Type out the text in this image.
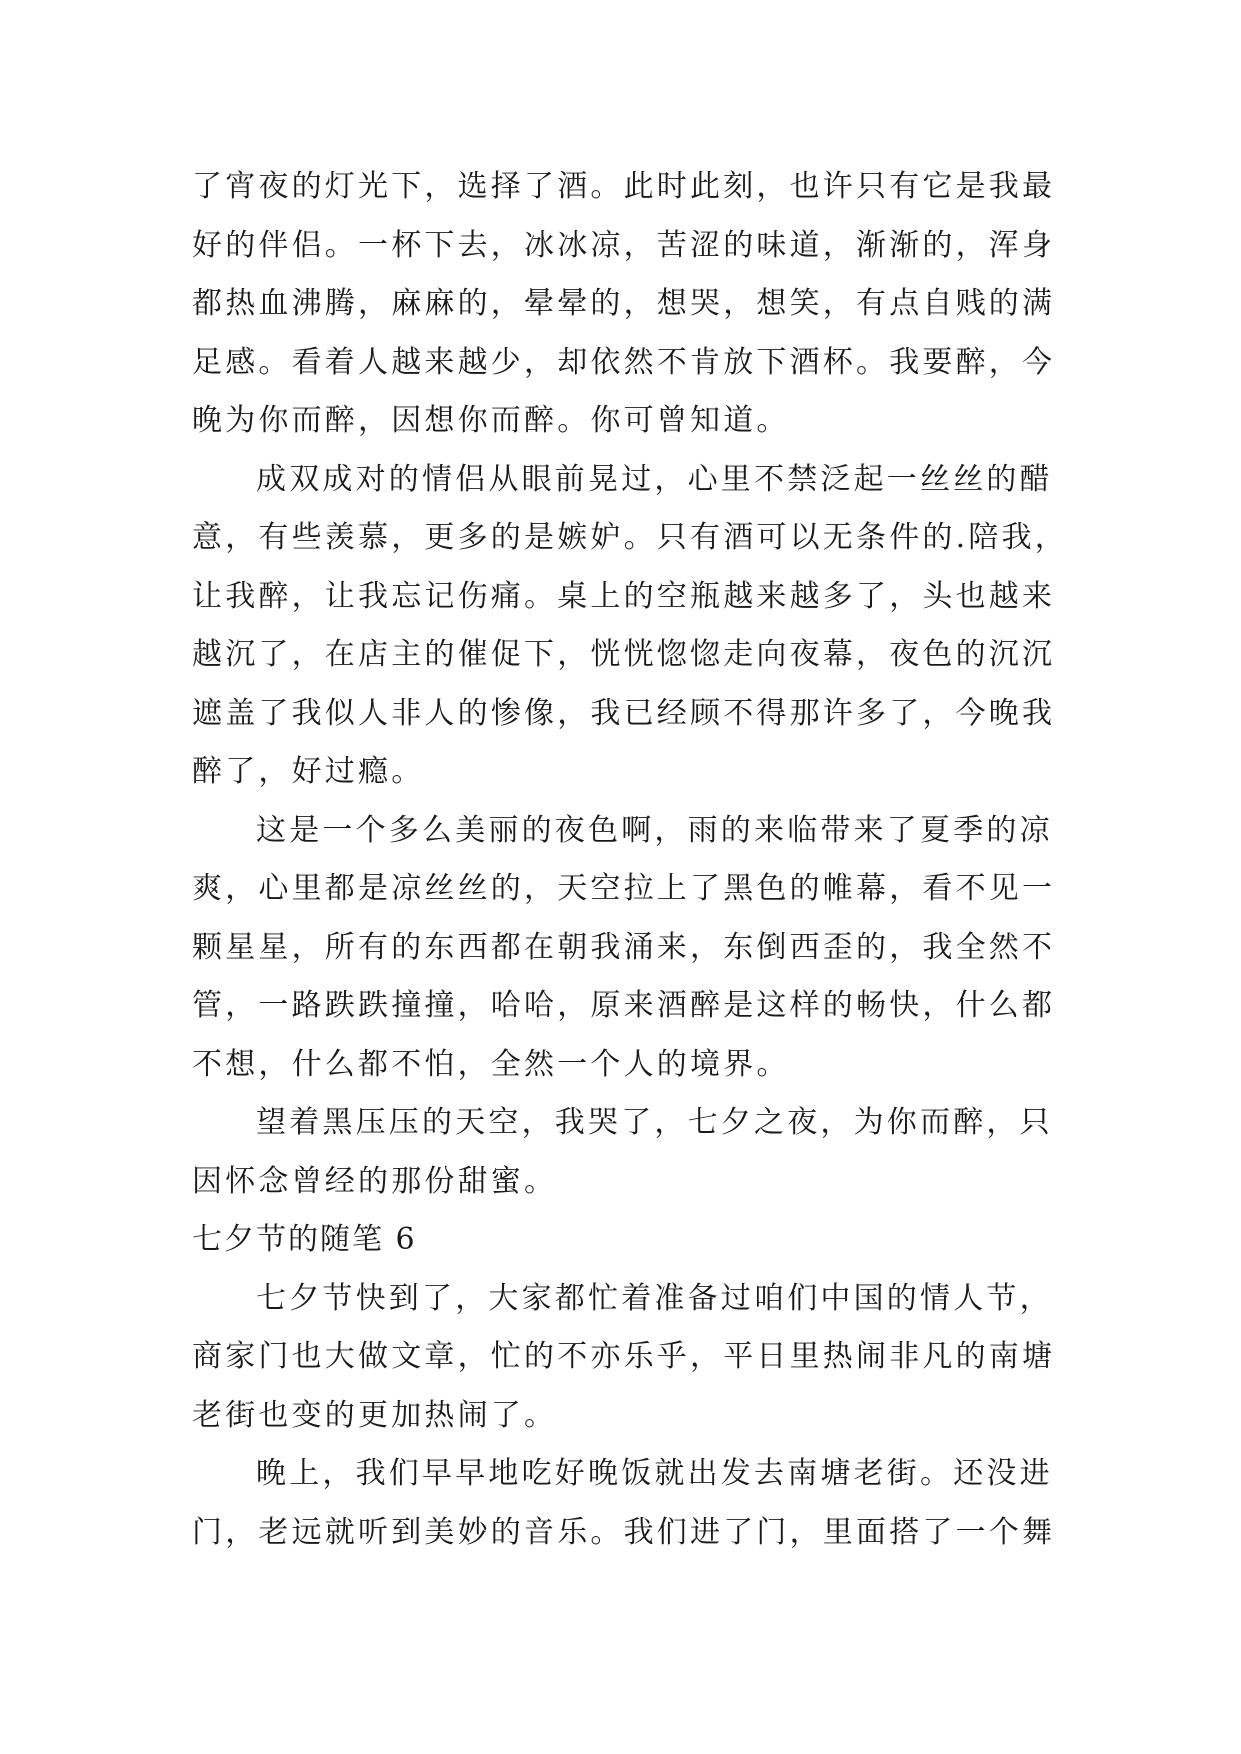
了宵夜的灯光下，选择了酒。此时此刻，也许只有它是我最
好的伴侣。一杯下去，冰冰凉，苦涩的味道，渐渐的，浑身
都热血沸腾，麻麻的，晕晕的，想哭，想笑，有点自贱的满
足感。看着人越来越少，却依然不肯放下酒杯。我要醉，今
晚为你而醉，因想你而醉。你可曾知道。
成双成对的情侣从眼前晃过，心里不禁泛起一丝丝的醋
意，有些羡慕，更多的是嫉妒。只有酒可以无条件的.陪我，
让我醉，让我忘记伤痛。桌上的空瓶越来越多了，头也越来
越沉了，在店主的催促下，恍恍惚惚走向夜幕，夜色的沉沉
遮盖了我似人非人的惨像，我已经顾不得那许多了，今晚我
醉了，好过瘾。
这是一个多么美丽的夜色啊，雨的来临带来了夏季的凉
爽，心里都是凉丝丝的，天空拉上了黑色的帷幕，看不见一
颗星星，所有的东西都在朝我涌来，东倒西歪的，我全然不
管，一路跌跌撞撞，哈哈，原来酒醉是这样的畅快，什么都
不想，什么都不怕，全然一个人的境界。
望着黑压压的天空，我哭了，七夕之夜，为你而醉，只
因怀念曾经的那份甜蜜。
七夕节的随笔 6
七夕节快到了，大家都忙着准备过咱们中国的情人节，
商家门也大做文章，忙的不亦乐乎，平日里热闹非凡的南塘
老街也变的更加热闹了。
晚上，我们早早地吃好晚饭就出发去南塘老街。还没进
门，老远就听到美妙的音乐。我们进了门，里面搭了一个舞
